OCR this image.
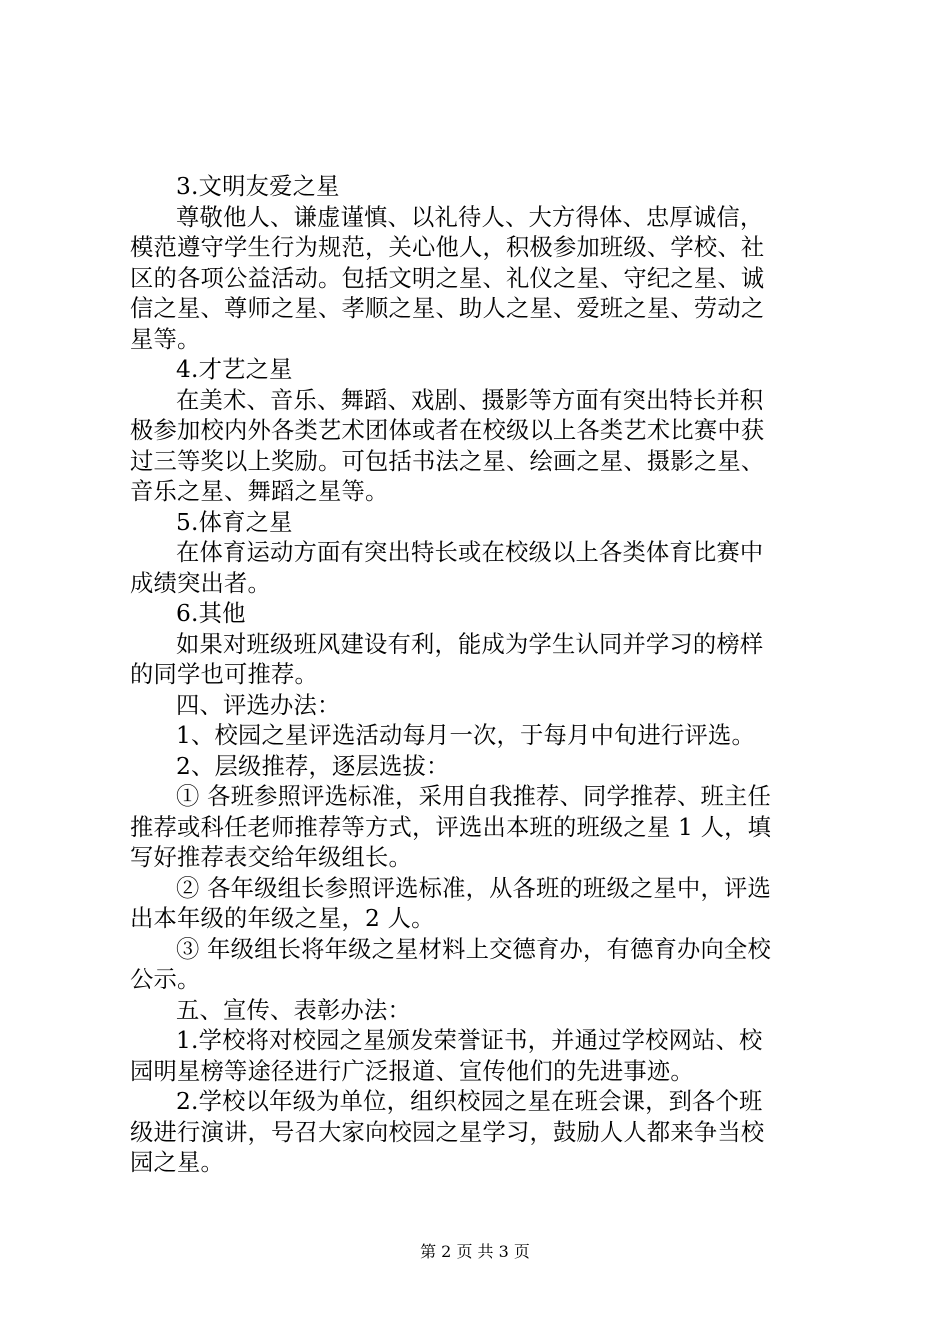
3.文明友爱之星

尊敬他人、谦虚谨慎、以礼待人、大方得体、忠厚诚信，

模范遵守学生行为规范，关心他人，积极参加班级、学校、社

区的各项公益活动。包括文明之星、礼仪之星、守纪之星、诚

信之星、尊师之星、孝顺之星、助人之星、爱班之星、劳动之

星等。

4.才艺之星

在美术、音乐、舞蹈、戏剧、摄影等方面有突出特长并积

极参加校内外各类艺术团体或者在校级以上各类艺术比赛中获

过三等奖以上奖励。可包括书法之星、绘画之星、摄影之星、

音乐之星、舞蹈之星等。

5.体育之星

在体育运动方面有突出特长或在校级以上各类体育比赛中

成绩突出者。

6.其他

如果对班级班风建设有利，能成为学生认同并学习的榜样

的同学也可推荐。

四、评选办法：

1、校园之星评选活动每月一次，于每月中旬进行评选。

2、层级推荐，逐层选拔：

① 各班参照评选标准，采用自我推荐、同学推荐、班主任

推荐或科任老师推荐等方式，评选出本班的班级之星 1 人，填

写好推荐表交给年级组长。

② 各年级组长参照评选标准，从各班的班级之星中，评选

出本年级的年级之星，2 人。

③ 年级组长将年级之星材料上交德育办，有德育办向全校

公示。

五、宣传、表彰办法：

1.学校将对校园之星颁发荣誉证书，并通过学校网站、校

园明星榜等途径进行广泛报道、宣传他们的先进事迹。

2.学校以年级为单位，组织校园之星在班会课，到各个班

级进行演讲，号召大家向校园之星学习，鼓励人人都来争当校

园之星。

第 2 页 共 3 页
